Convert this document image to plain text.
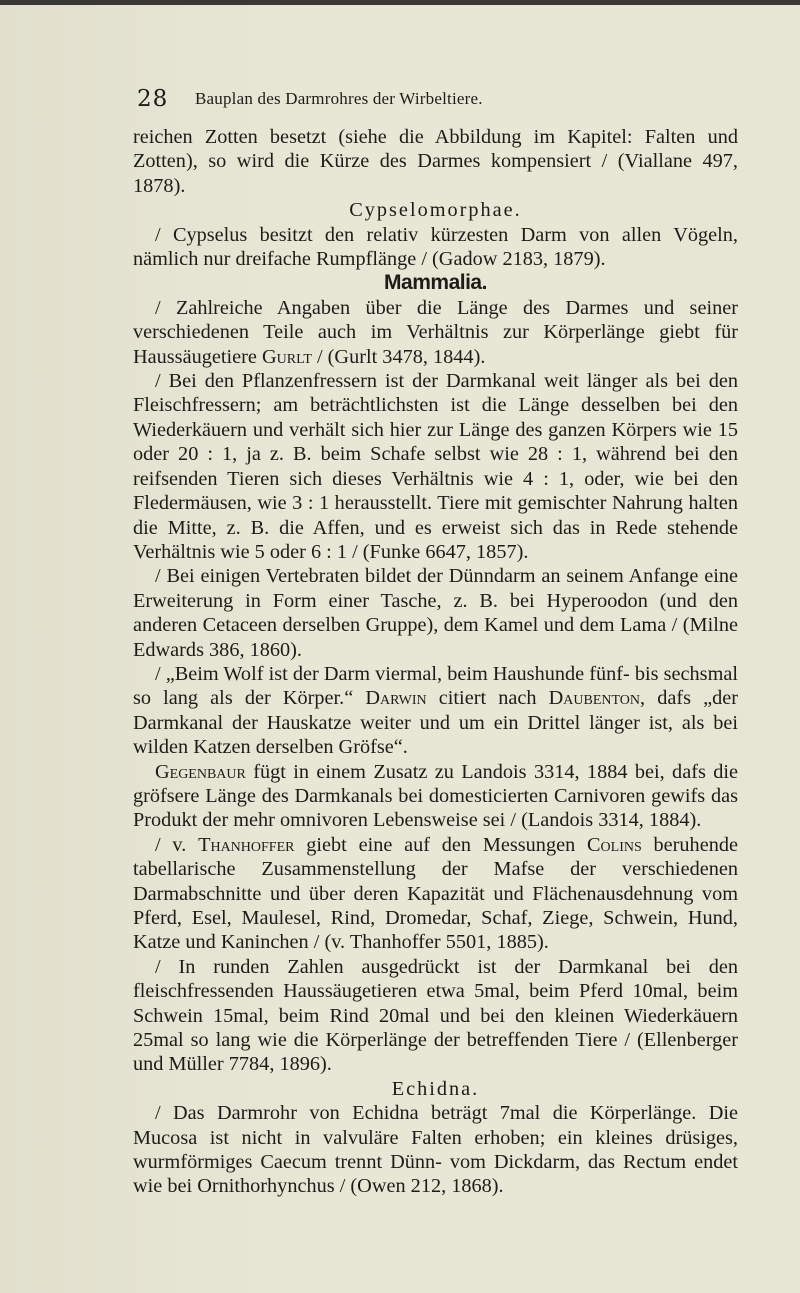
28 Bauplan des Darmrohres der Wirbeltiere.

reichen Zotten besetzt (siehe die Abbildung im Kapitel: Falten und Zotten), so wird die Kürze des Darmes kompensiert / (Viallane 497, 1878).

Cypselomorphae.

/ Cypselus besitzt den relativ kürzesten Darm von allen Vögeln, nämlich nur dreifache Rumpflänge / (Gadow 2183, 1879).

Mammalia.

/ Zahlreiche Angaben über die Länge des Darmes und seiner verschiedenen Teile auch im Verhältnis zur Körperlänge giebt für Haussäugetiere Gurlt / (Gurlt 3478, 1844).

/ Bei den Pflanzenfressern ist der Darmkanal weit länger als bei den Fleischfressern; am beträchtlichsten ist die Länge desselben bei den Wiederkäuern und verhält sich hier zur Länge des ganzen Körpers wie 15 oder 20 : 1, ja z. B. beim Schafe selbst wie 28 : 1, während bei den reifsenden Tieren sich dieses Verhältnis wie 4 : 1, oder, wie bei den Fledermäusen, wie 3 : 1 herausstellt. Tiere mit gemischter Nahrung halten die Mitte, z. B. die Affen, und es erweist sich das in Rede stehende Verhältnis wie 5 oder 6 : 1 / (Funke 6647, 1857).

/ Bei einigen Vertebraten bildet der Dünndarm an seinem Anfange eine Erweiterung in Form einer Tasche, z. B. bei Hyperoodon (und den anderen Cetaceen derselben Gruppe), dem Kamel und dem Lama / (Milne Edwards 386, 1860).

/ „Beim Wolf ist der Darm viermal, beim Haushunde fünf- bis sechsmal so lang als der Körper.“ Darwin citiert nach Daubenton, dafs „der Darmkanal der Hauskatze weiter und um ein Drittel länger ist, als bei wilden Katzen derselben Gröfse“.

Gegenbaur fügt in einem Zusatz zu Landois 3314, 1884 bei, dafs die gröfsere Länge des Darmkanals bei domesticierten Carnivoren gewifs das Produkt der mehr omnivoren Lebensweise sei / (Landois 3314, 1884).

/ v. Thanhoffer giebt eine auf den Messungen Colins beruhende tabellarische Zusammenstellung der Mafse der verschiedenen Darmabschnitte und über deren Kapazität und Flächenausdehnung vom Pferd, Esel, Maulesel, Rind, Dromedar, Schaf, Ziege, Schwein, Hund, Katze und Kaninchen / (v. Thanhoffer 5501, 1885).

/ In runden Zahlen ausgedrückt ist der Darmkanal bei den fleischfressenden Haussäugetieren etwa 5mal, beim Pferd 10mal, beim Schwein 15mal, beim Rind 20mal und bei den kleinen Wiederkäuern 25mal so lang wie die Körperlänge der betreffenden Tiere / (Ellenberger und Müller 7784, 1896).

Echidna.

/ Das Darmrohr von Echidna beträgt 7mal die Körperlänge. Die Mucosa ist nicht in valvuläre Falten erhoben; ein kleines drüsiges, wurmförmiges Caecum trennt Dünn- vom Dickdarm, das Rectum endet wie bei Ornithorhynchus / (Owen 212, 1868).
